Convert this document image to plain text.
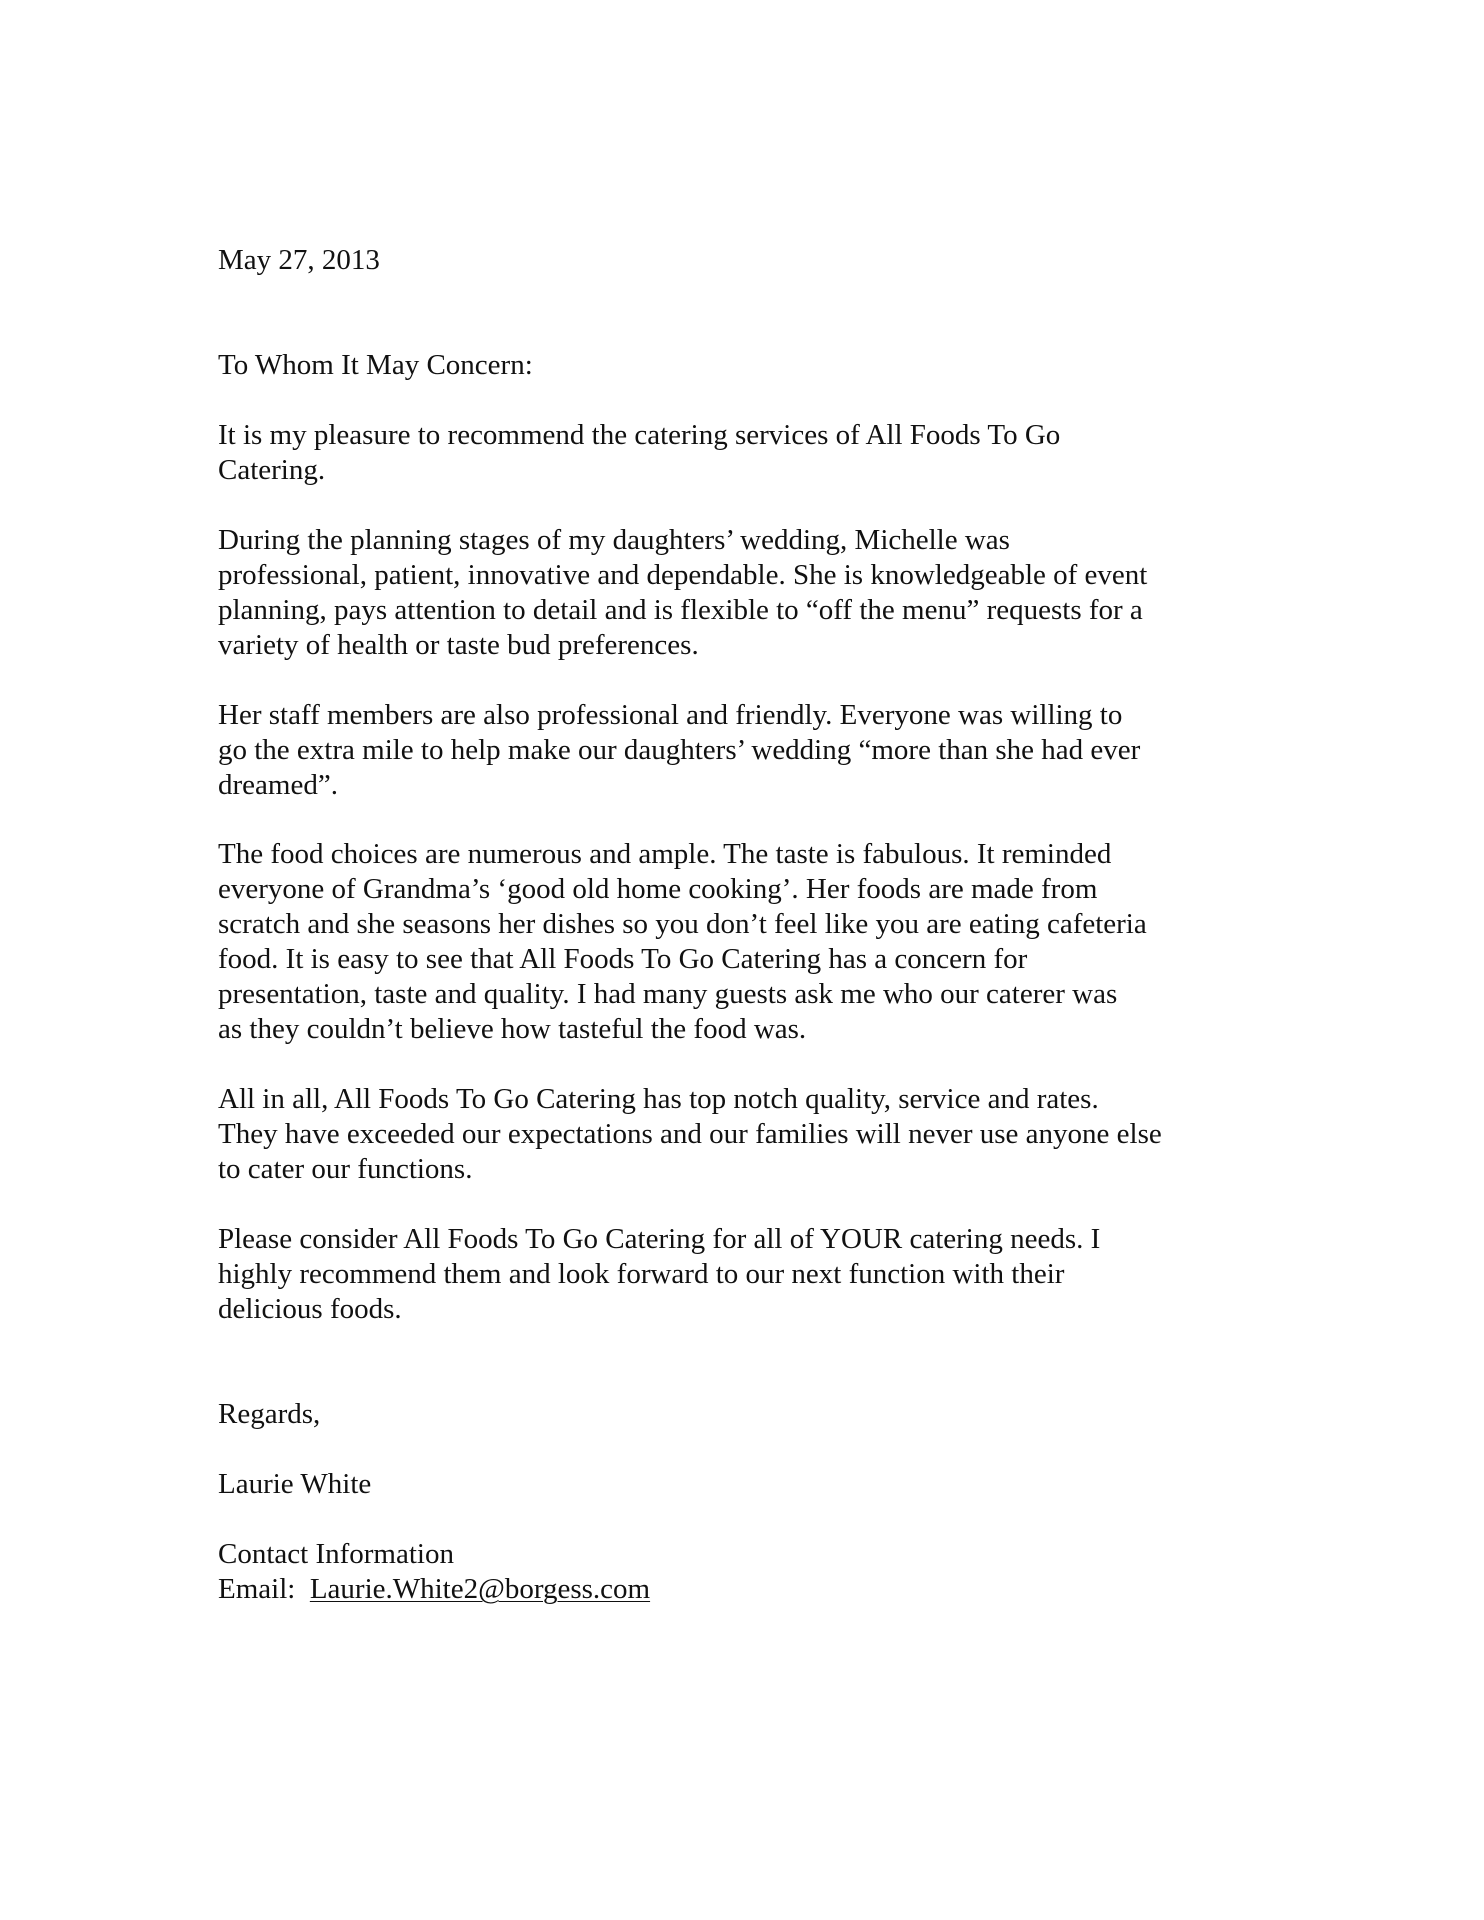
May 27, 2013
To Whom It May Concern:
It is my pleasure to recommend the catering services of All Foods To Go
Catering.
During the planning stages of my daughters’ wedding, Michelle was
professional, patient, innovative and dependable. She is knowledgeable of event
planning, pays attention to detail and is flexible to “off the menu” requests for a
variety of health or taste bud preferences.
Her staff members are also professional and friendly. Everyone was willing to
go the extra mile to help make our daughters’ wedding “more than she had ever
dreamed”.
The food choices are numerous and ample. The taste is fabulous. It reminded
everyone of Grandma’s ‘good old home cooking’. Her foods are made from
scratch and she seasons her dishes so you don’t feel like you are eating cafeteria
food. It is easy to see that All Foods To Go Catering has a concern for
presentation, taste and quality. I had many guests ask me who our caterer was
as they couldn’t believe how tasteful the food was.
All in all, All Foods To Go Catering has top notch quality, service and rates.
They have exceeded our expectations and our families will never use anyone else
to cater our functions.
Please consider All Foods To Go Catering for all of YOUR catering needs. I
highly recommend them and look forward to our next function with their
delicious foods.
Regards,
Laurie White
Contact Information
Email:  Laurie.White2@borgess.com
